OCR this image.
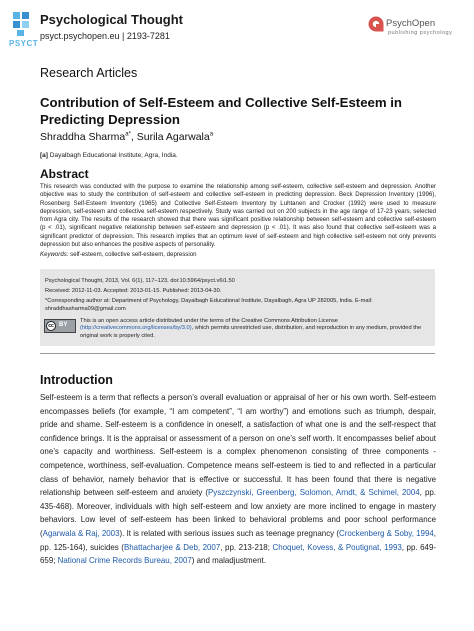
PSYCT
Psychological Thought
psyct.psychopen.eu | 2193-7281
PsychOpen
publishing psychology
Research Articles
Contribution of Self-Esteem and Collective Self-Esteem in Predicting Depression
Shraddha Sharma$^{a*}$, Surila Agarwala$^a$
[a] Dayalbagh Educational Institute, Agra, India.
Abstract
This research was conducted with the purpose to examine the relationship among self-esteem, collective self-esteem and depression. Another objective was to study the contribution of self-esteem and collective self-esteem in predicting depression. Beck Depression Inventory (1996), Rosenberg Self-Esteem Inventory (1965) and Collective Self-Esteem Inventory by Luhtanen and Crocker (1992) were used to measure depression, self-esteem and collective self-esteem respectively. Study was carried out on 200 subjects in the age range of 17-23 years, selected from Agra city. The results of the research showed that there was significant positive relationship between self-esteem and collective self-esteem (p < .01), significant negative relationship between self-esteem and depression (p < .01). It was also found that collective self-esteem was a significant predictor of depression. This research implies that an optimum level of self-esteem and high collective self-esteem not only prevents depression but also enhances the positive aspects of personality.
Keywords: self-esteem, collective self-esteem, depression
Psychological Thought, 2013, Vol. 6(1), 117–123, doi:10.5964/psyct.v6i1.50
Received: 2012-11-03. Accepted: 2013-01-15. Published: 2013-04-30.
*Corresponding author at: Department of Psychology, Dayalbagh Educational Institute, Dayalbagh, Agra UP 282005, India. E-mail:
shraddhasharma09@gmail.com
cc BY
This is an open access article distributed under the terms of the Creative Commons Attribution License
(http://creativecommons.org/licenses/by/3.0), which permits unrestricted use, distribution, and reproduction in any medium, provided the original work is properly cited.
Introduction
Self-esteem is a term that reflects a person’s overall evaluation or appraisal of her or his own worth. Self-esteem encompasses beliefs (for example, “I am competent”, “I am worthy”) and emotions such as triumph, despair, pride and shame. Self-esteem is a confidence in oneself, a satisfaction of what one is and the self-respect that confidence brings. It is the appraisal or assessment of a person on one’s self worth. It encompasses belief about one’s capacity and worthiness. Self-esteem is a complex phenomenon consisting of three components - competence, worthiness, self-evaluation. Competence means self-esteem is tied to and reflected in a particular class of behavior, namely behavior that is effective or successful. It has been found that there is negative relationship between self-esteem and anxiety (Pyszczynski, Greenberg, Solomon, Arndt, & Schimel, 2004, pp. 435-468). Moreover, individuals with high self-esteem and low anxiety are more inclined to engage in mastery behaviors. Low level of self-esteem has been linked to behavioral problems and poor school performance (Agarwala & Raj, 2003). It is related with serious issues such as teenage pregnancy (Crockenberg & Soby, 1994, pp. 125-164), suicides (Bhattacharjee & Deb, 2007, pp. 213-218; Choquet, Kovess, & Poutignat, 1993, pp. 649-659; National Crime Records Bureau, 2007) and maladjustment.
